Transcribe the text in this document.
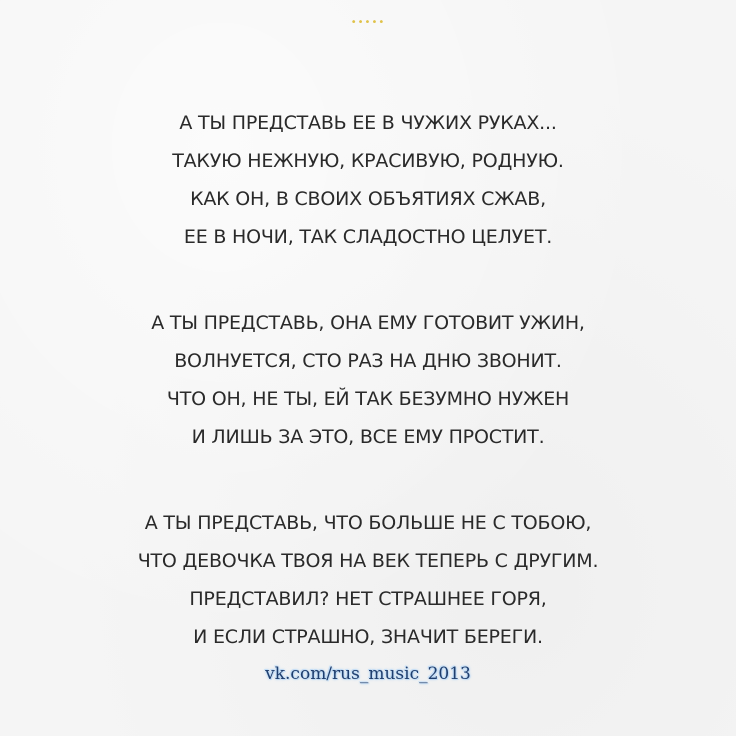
•••••
А ТЫ ПРЕДСТАВЬ ЕЕ В ЧУЖИХ РУКАХ...
ТАКУЮ НЕЖНУЮ, КРАСИВУЮ, РОДНУЮ.
КАК ОН, В СВОИХ ОБЪЯТИЯХ СЖАВ,
ЕЕ В НОЧИ, ТАК СЛАДОСТНО ЦЕЛУЕТ.
А ТЫ ПРЕДСТАВЬ, ОНА ЕМУ ГОТОВИТ УЖИН,
ВОЛНУЕТСЯ, СТО РАЗ НА ДНЮ ЗВОНИТ.
ЧТО ОН, НЕ ТЫ, ЕЙ ТАК БЕЗУМНО НУЖЕН
И ЛИШЬ ЗА ЭТО, ВСЕ ЕМУ ПРОСТИТ.
А ТЫ ПРЕДСТАВЬ, ЧТО БОЛЬШЕ НЕ С ТОБОЮ,
ЧТО ДЕВОЧКА ТВОЯ НА ВЕК ТЕПЕРЬ С ДРУГИМ.
ПРЕДСТАВИЛ? НЕТ СТРАШНЕЕ ГОРЯ,
И ЕСЛИ СТРАШНО, ЗНАЧИТ БЕРЕГИ.
vk.com/rus_music_2013
